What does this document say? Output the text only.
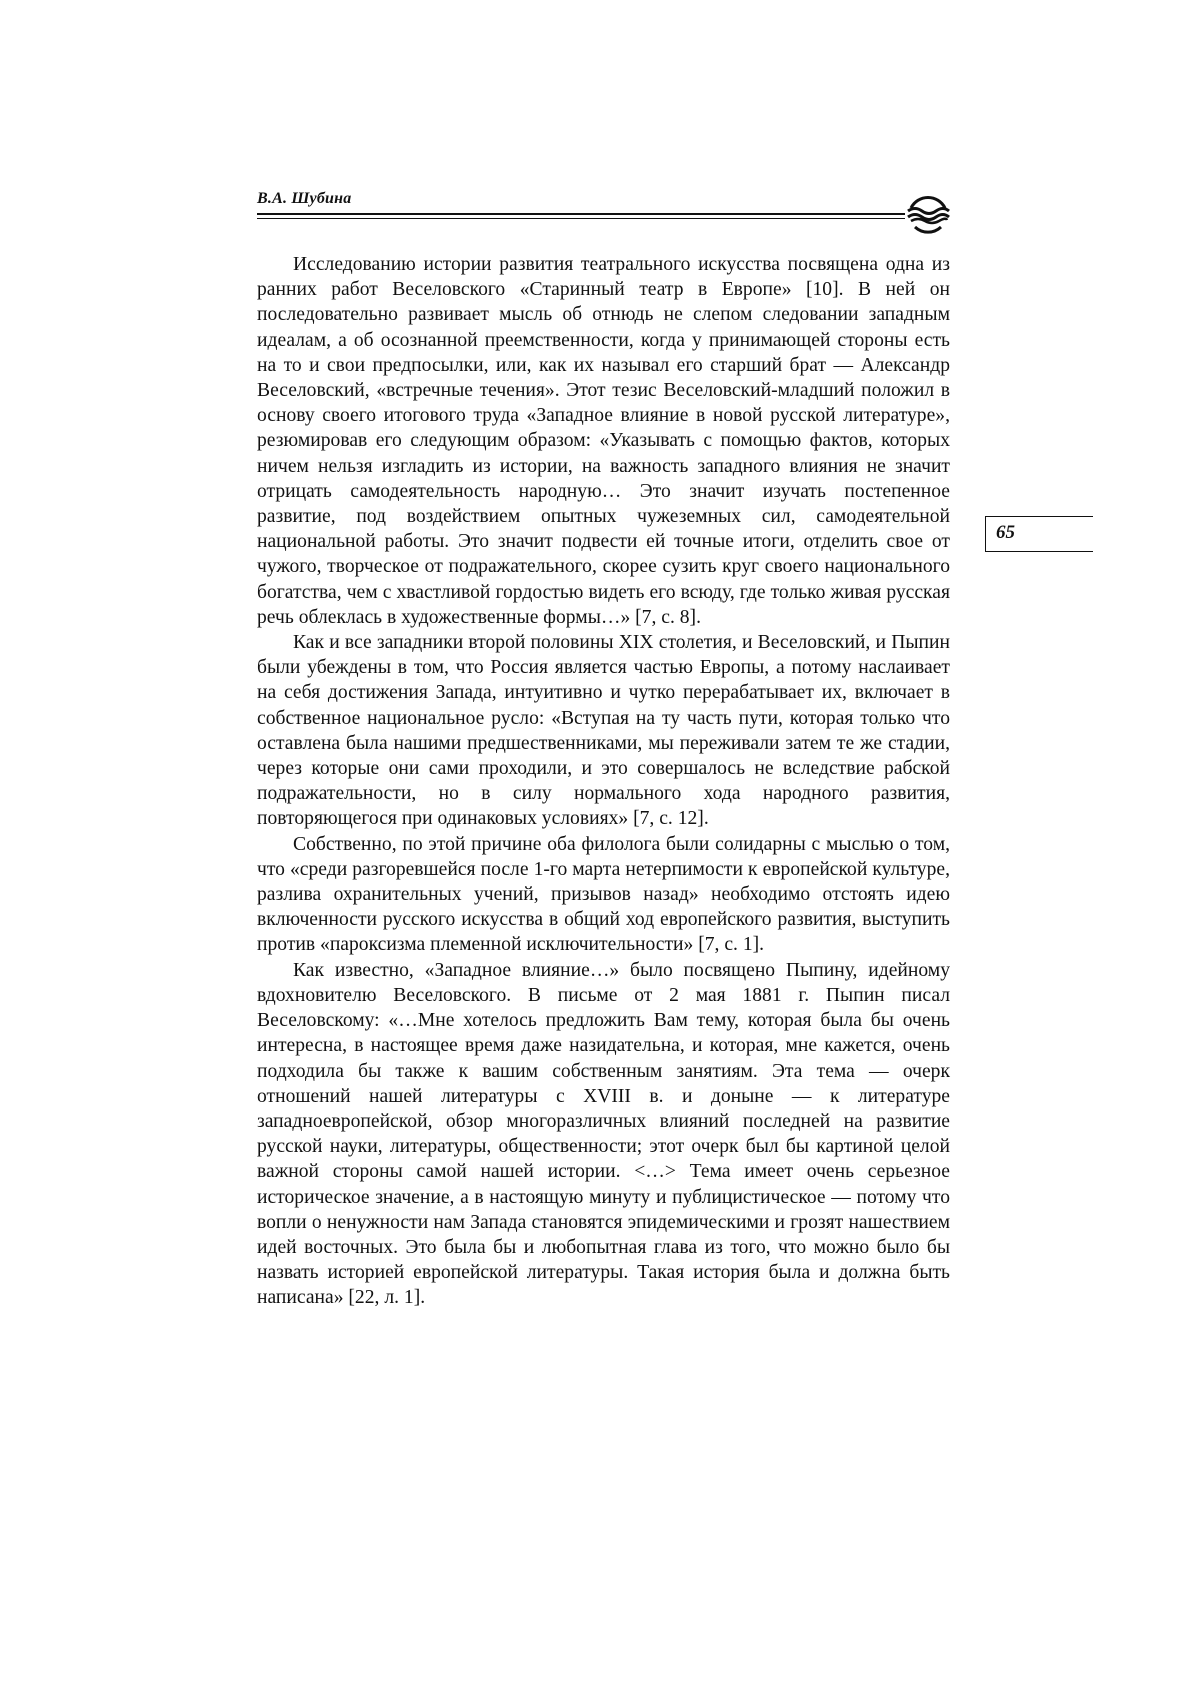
В.А. Шубина
65

Исследованию истории развития театрального искусства посвящена одна из ранних работ Веселовского «Старинный театр в Европе» [10]. В ней он последовательно развивает мысль об отнюдь не слепом следовании западным идеалам, а об осознанной преемственности, когда у принимающей стороны есть на то и свои предпосылки, или, как их называл его старший брат — Александр Веселовский, «встречные течения». Этот тезис Веселовский-младший положил в основу своего итогового труда «Западное влияние в новой русской литературе», резюмировав его следующим образом: «Указывать с помощью фактов, которых ничем нельзя изгладить из истории, на важность западного влияния не значит отрицать самодеятельность народную… Это значит изучать постепенное развитие, под воздействием опытных чужеземных сил, самодеятельной национальной работы. Это значит подвести ей точные итоги, отделить свое от чужого, творческое от подражательного, скорее сузить круг своего национального богатства, чем с хвастливой гордостью видеть его всюду, где только живая русская речь облеклась в художественные формы…» [7, с. 8].

Как и все западники второй половины XIX столетия, и Веселовский, и Пыпин были убеждены в том, что Россия является частью Европы, а потому наслаивает на себя достижения Запада, интуитивно и чутко перерабатывает их, включает в собственное национальное русло: «Вступая на ту часть пути, которая только что оставлена была нашими предшественниками, мы переживали затем те же стадии, через которые они сами проходили, и это совершалось не вследствие рабской подражательности, но в силу нормального хода народного развития, повторяющегося при одинаковых условиях» [7, с. 12].

Собственно, по этой причине оба филолога были солидарны с мыслью о том, что «среди разгоревшейся после 1-го марта нетерпимости к европейской культуре, разлива охранительных учений, призывов назад» необходимо отстоять идею включенности русского искусства в общий ход европейского развития, выступить против «пароксизма племенной исключительности» [7, с. 1].

Как известно, «Западное влияние…» было посвящено Пыпину, идейному вдохновителю Веселовского. В письме от 2 мая 1881 г. Пыпин писал Веселовскому: «…Мне хотелось предложить Вам тему, которая была бы очень интересна, в настоящее время даже назидательна, и которая, мне кажется, очень подходила бы также к вашим собственным занятиям. Эта тема — очерк отношений нашей литературы с XVIII в. и доныне — к литературе западноевропейской, обзор многоразличных влияний последней на развитие русской науки, литературы, общественности; этот очерк был бы картиной целой важной стороны самой нашей истории. <…> Тема имеет очень серьезное историческое значение, а в настоящую минуту и публицистическое — потому что вопли о ненужности нам Запада становятся эпидемическими и грозят нашествием идей восточных. Это была бы и любопытная глава из того, что можно было бы назвать историей европейской литературы. Такая история была и должна быть написана» [22, л. 1].
